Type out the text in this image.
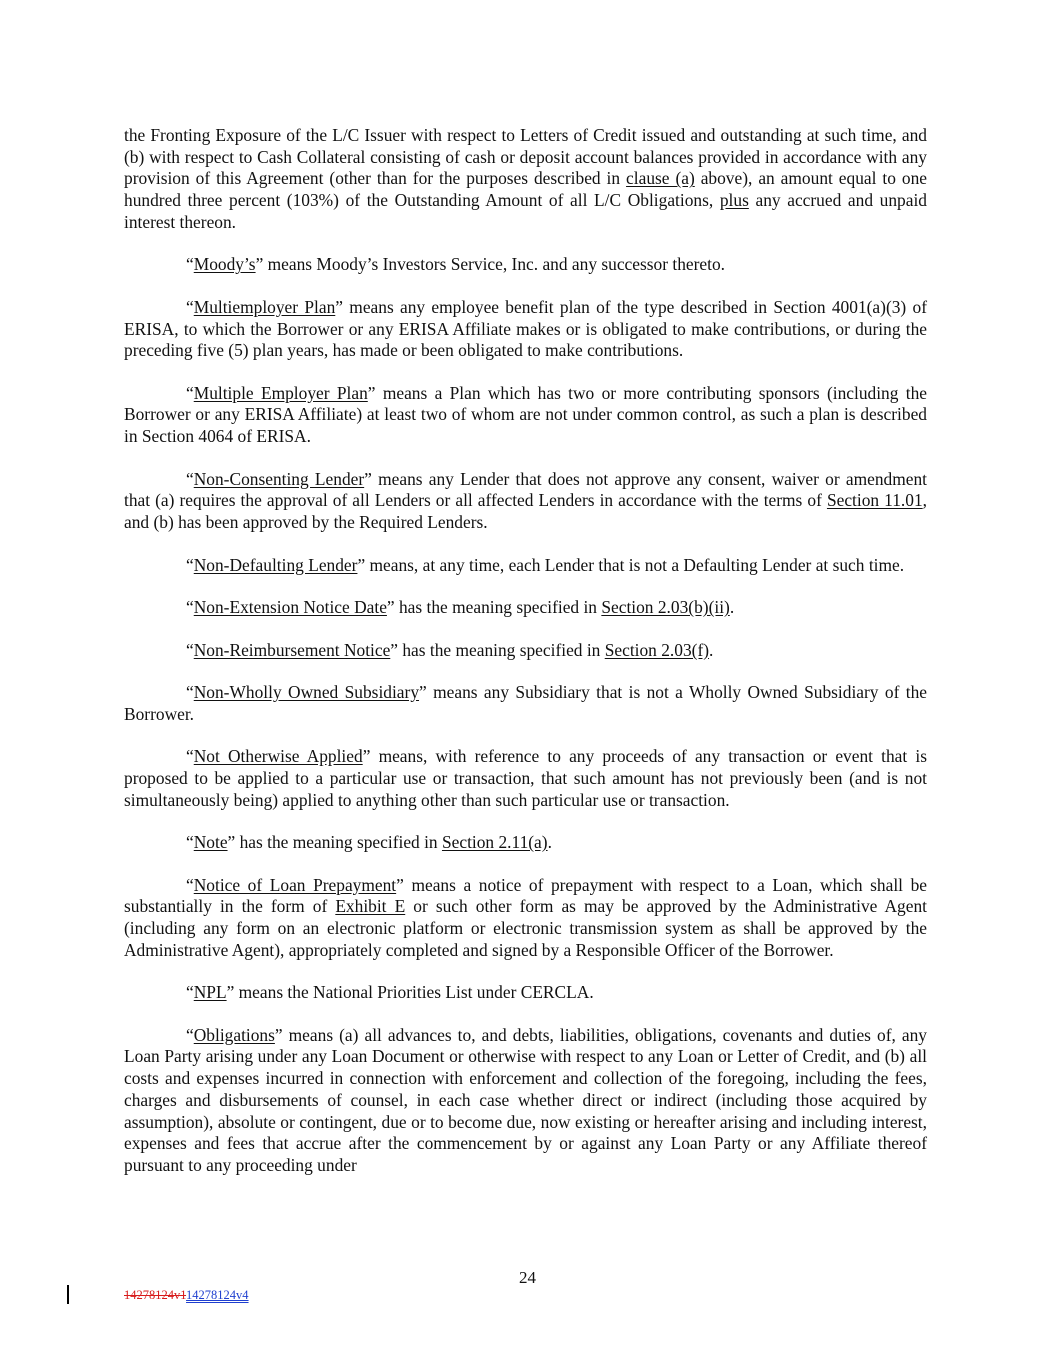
the Fronting Exposure of the L/C Issuer with respect to Letters of Credit issued and outstanding at such time, and (b) with respect to Cash Collateral consisting of cash or deposit account balances provided in accordance with any provision of this Agreement (other than for the purposes described in clause (a) above), an amount equal to one hundred three percent (103%) of the Outstanding Amount of all L/C Obligations, plus any accrued and unpaid interest thereon.

“Moody’s” means Moody’s Investors Service, Inc. and any successor thereto.

“Multiemployer Plan” means any employee benefit plan of the type described in Section 4001(a)(3) of ERISA, to which the Borrower or any ERISA Affiliate makes or is obligated to make contributions, or during the preceding five (5) plan years, has made or been obligated to make contributions.

“Multiple Employer Plan” means a Plan which has two or more contributing sponsors (including the Borrower or any ERISA Affiliate) at least two of whom are not under common control, as such a plan is described in Section 4064 of ERISA.

“Non-Consenting Lender” means any Lender that does not approve any consent, waiver or amendment that (a) requires the approval of all Lenders or all affected Lenders in accordance with the terms of Section 11.01, and (b) has been approved by the Required Lenders.

“Non-Defaulting Lender” means, at any time, each Lender that is not a Defaulting Lender at such time.

“Non-Extension Notice Date” has the meaning specified in Section 2.03(b)(ii).

“Non-Reimbursement Notice” has the meaning specified in Section 2.03(f).

“Non-Wholly Owned Subsidiary” means any Subsidiary that is not a Wholly Owned Subsidiary of the Borrower.

“Not Otherwise Applied” means, with reference to any proceeds of any transaction or event that is proposed to be applied to a particular use or transaction, that such amount has not previously been (and is not simultaneously being) applied to anything other than such particular use or transaction.

“Note” has the meaning specified in Section 2.11(a).

“Notice of Loan Prepayment” means a notice of prepayment with respect to a Loan, which shall be substantially in the form of Exhibit E or such other form as may be approved by the Administrative Agent (including any form on an electronic platform or electronic transmission system as shall be approved by the Administrative Agent), appropriately completed and signed by a Responsible Officer of the Borrower.

“NPL” means the National Priorities List under CERCLA.

“Obligations” means (a) all advances to, and debts, liabilities, obligations, covenants and duties of, any Loan Party arising under any Loan Document or otherwise with respect to any Loan or Letter of Credit, and (b) all costs and expenses incurred in connection with enforcement and collection of the foregoing, including the fees, charges and disbursements of counsel, in each case whether direct or indirect (including those acquired by assumption), absolute or contingent, due or to become due, now existing or hereafter arising and including interest, expenses and fees that accrue after the commencement by or against any Loan Party or any Affiliate thereof pursuant to any proceeding under

24
14278124v114278124v4
